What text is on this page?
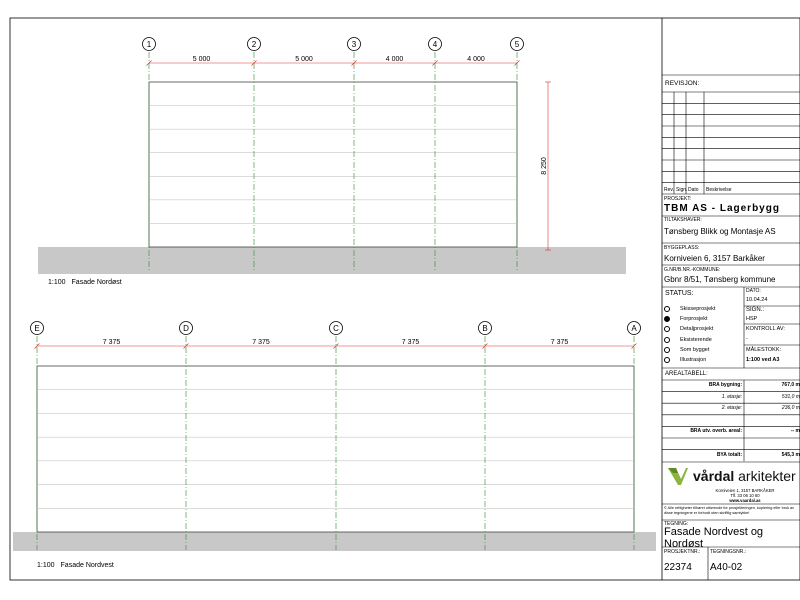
1	2	3	4	5
5 000	5 000	4 000	4 000
8 250
1:100 Fasade Nordøst
E	D	C	B	A
7 375	7 375	7 375	7 375
1:100 Fasade Nordvest
REVISJON:
Rev. Sign. Dato Beskrivelse
PROSJEKT:
TBM AS - Lagerbygg
TILTAKSHAVER:
Tønsberg Blikk og Montasje AS
BYGGEPLASS:
Korniveien 6, 3157 Barkåker
G.NR/B.NR.-KOMMUNE:
Gbnr 8/51, Tønsberg kommune
STATUS:
Skisseprosjekt
Forprosjekt
Detaljprosjekt
Eksisterende
Som bygget
Illustrasjon
DATO:
10.04.24
SIGN.:
HSP
KONTROLL AV:
-
MÅLESTOKK:
1:100 ved A3
AREALTABELL:
BRA bygning:	767,0 m
1. etasje:	531,0 m
2. etasje:	236,0 m
BRA utv. overb. areal:	-- m
BYA totalt:	545,3 m
vårdal arkitekter
Korniveien 1, 3157 BARKÅKER
Tlf. 33 06 10 60
www.vaardal.as
© Alle rettigheter tilhører utførende for prosjekteringen, kopiering eller bruk av disse tegningene er forbudt uten skriftlig samtykke!
TEGNING:
Fasade Nordvest og Nordøst
PROSJEKTNR.:
22374
TEGNINGSNR.:
A40-02
